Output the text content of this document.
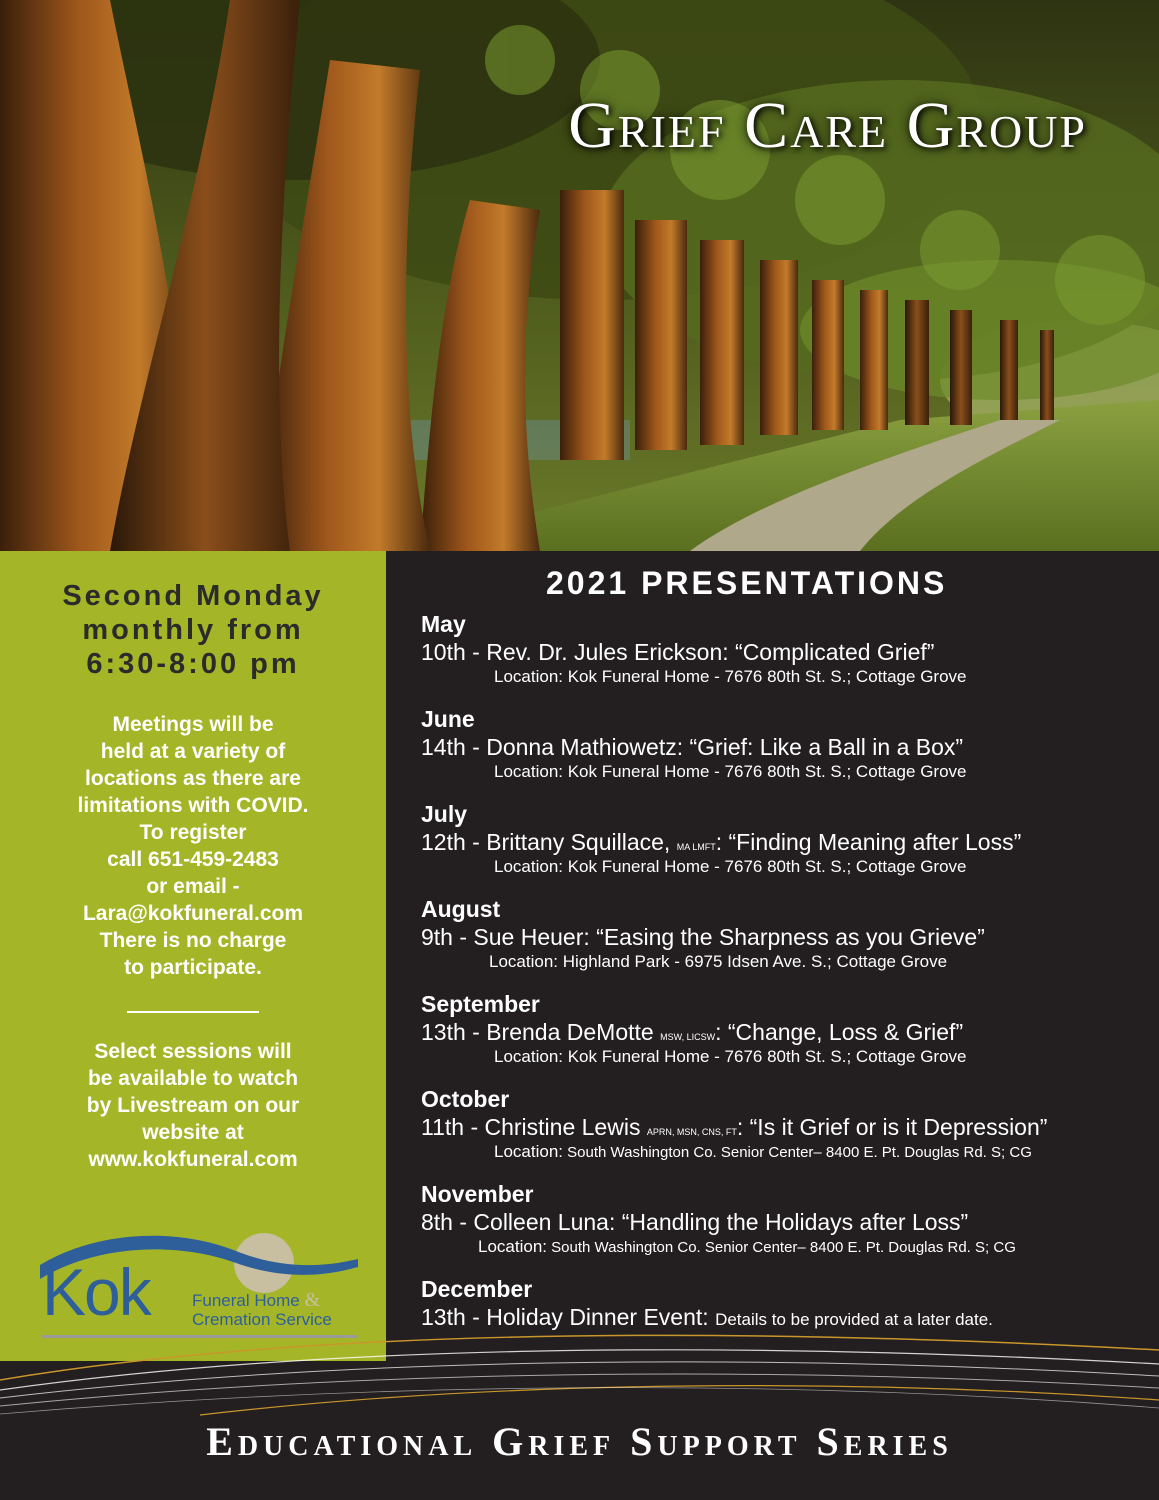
Grief Care Group
Second Monday
monthly from
6:30-8:00 pm
Meetings will be
held at a variety of
locations as there are
limitations with COVID.
To register
call 651-459-2483
or email -
Lara@kokfuneral.com
There is no charge
to participate.
Select sessions will
be available to watch
by Livestream on our
website at
www.kokfuneral.com
Kok Funeral Home &
Cremation Service
2021 PRESENTATIONS
May
10th - Rev. Dr. Jules Erickson: “Complicated Grief”
Location: Kok Funeral Home - 7676 80th St. S.; Cottage Grove
June
14th - Donna Mathiowetz: “Grief: Like a Ball in a Box”
Location: Kok Funeral Home - 7676 80th St. S.; Cottage Grove
July
12th - Brittany Squillace, MA LMFT: “Finding Meaning after Loss”
Location: Kok Funeral Home - 7676 80th St. S.; Cottage Grove
August
9th - Sue Heuer: “Easing the Sharpness as you Grieve”
Location: Highland Park - 6975 Idsen Ave. S.; Cottage Grove
September
13th - Brenda DeMotte MSW, LICSW: “Change, Loss & Grief”
Location: Kok Funeral Home - 7676 80th St. S.; Cottage Grove
October
11th - Christine Lewis APRN, MSN, CNS, FT: “Is it Grief or is it Depression”
Location: South Washington Co. Senior Center– 8400 E. Pt. Douglas Rd. S; CG
November
8th - Colleen Luna: “Handling the Holidays after Loss”
Location: South Washington Co. Senior Center– 8400 E. Pt. Douglas Rd. S; CG
December
13th - Holiday Dinner Event: Details to be provided at a later date.
Educational Grief Support Series
